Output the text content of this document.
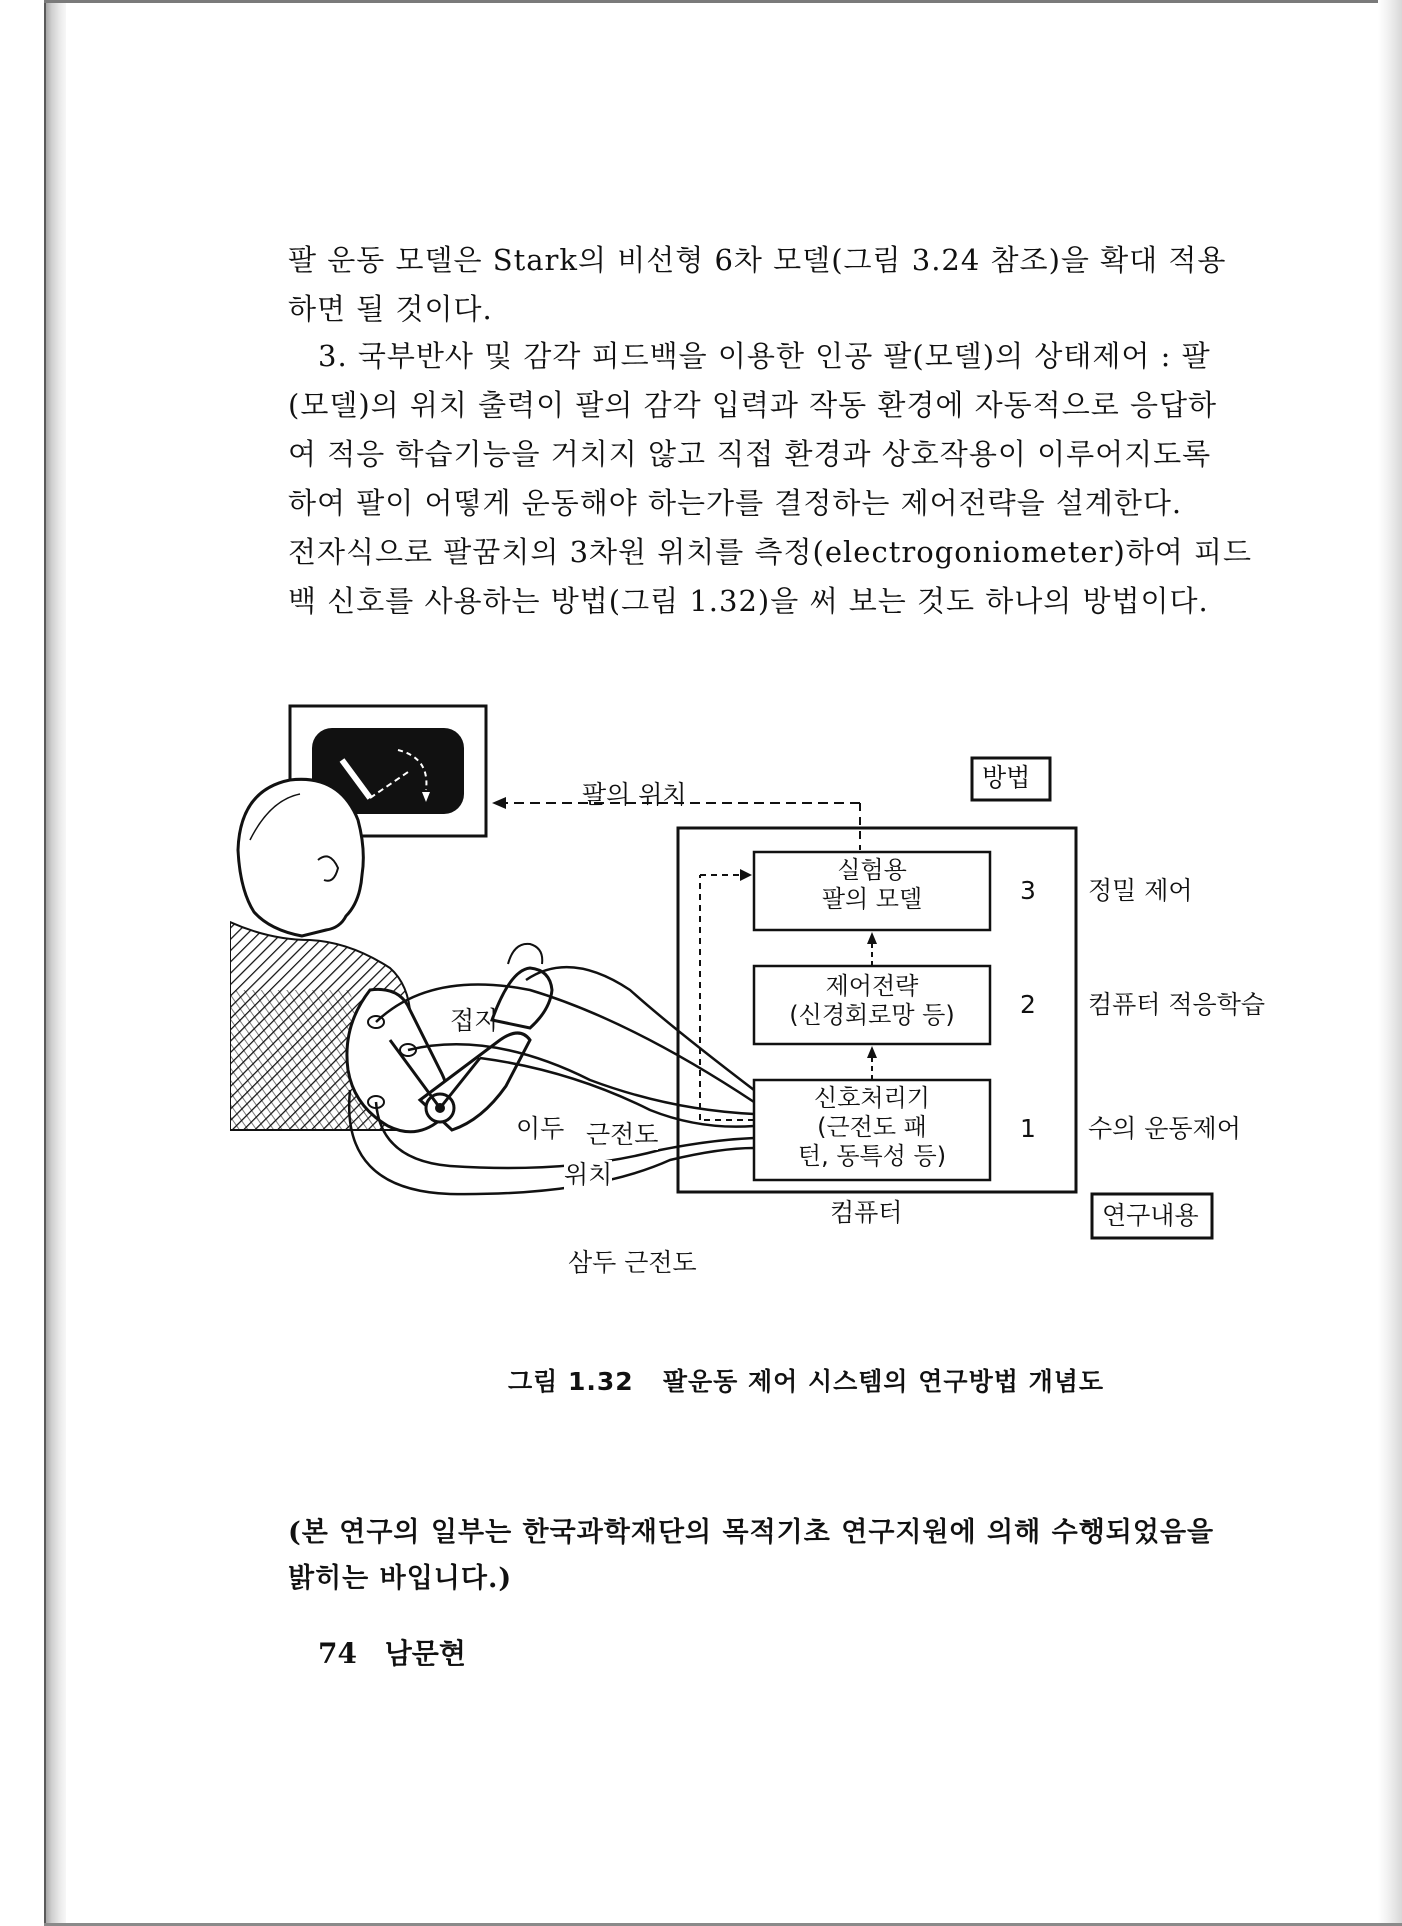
팔 운동 모델은 Stark의 비선형 6차 모델(그림 3.24 참조)을 확대 적용
하면 될 것이다.
3. 국부반사 및 감각 피드백을 이용한 인공 팔(모델)의 상태제어 : 팔
(모델)의 위치 출력이 팔의 감각 입력과 작동 환경에 자동적으로 응답하
여 적응 학습기능을 거치지 않고 직접 환경과 상호작용이 이루어지도록
하여 팔이 어떻게 운동해야 하는가를 결정하는 제어전략을 설계한다.
전자식으로 팔꿈치의 3차원 위치를 측정(electrogoniometer)하여 피드
백 신호를 사용하는 방법(그림 1.32)을 써 보는 것도 하나의 방법이다.
팔의 위치
방법
실험용
팔의 모델	3 정밀 제어
제어전략
(신경회로망 등)	2 컴퓨터 적응학습
신호처리기
(근전도 패
턴, 동특성 등)
1 수의 운동제어
컴퓨터	연구내용
접지
이두 근전도
위치
삼두 근전도
그림 1.32 팔운동 제어 시스템의 연구방법 개념도
(본 연구의 일부는 한국과학재단의 목적기초 연구지원에 의해 수행되었음을
밝히는 바입니다.)
74 남문현
